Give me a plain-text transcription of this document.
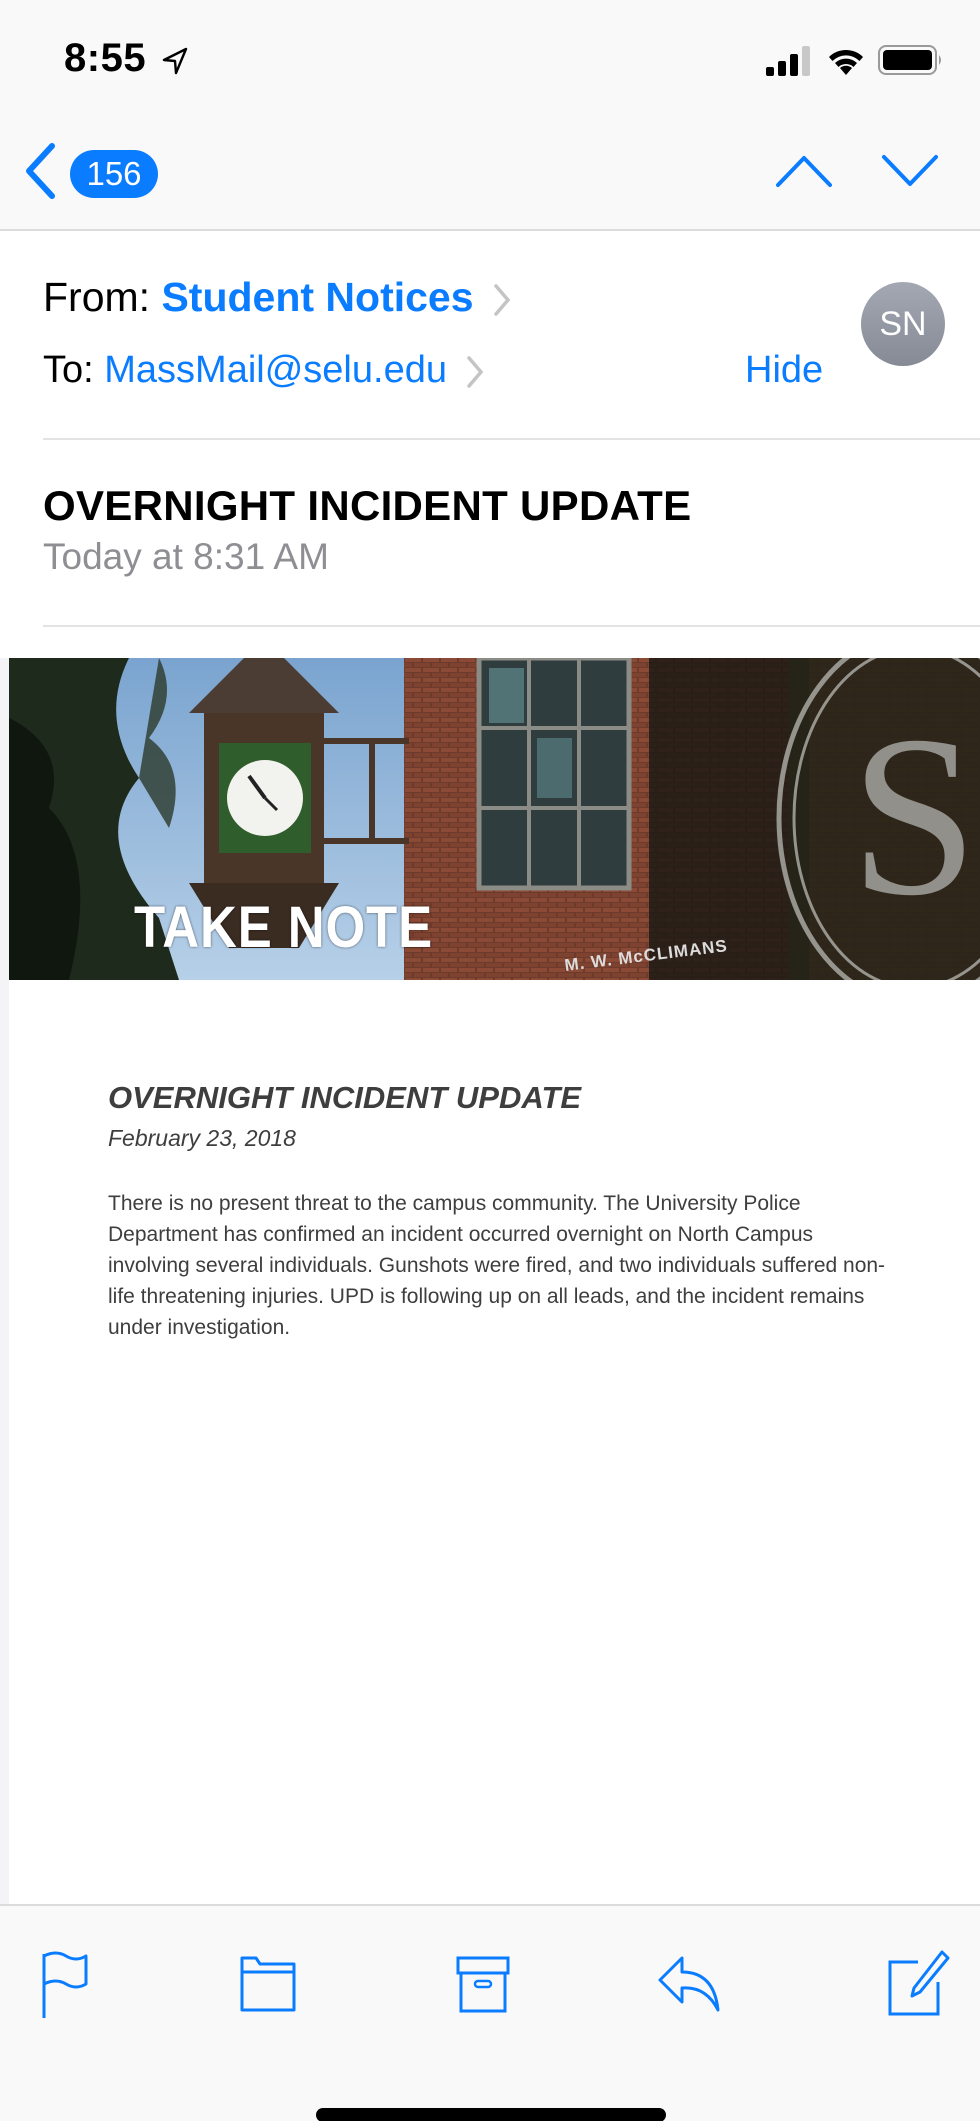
8:55
156
From: Student Notices
To: MassMail@selu.edu	Hide
SN
OVERNIGHT INCIDENT UPDATE
Today at 8:31 AM
S
TAKE NOTE	M. W. McCLIMANS
OVERNIGHT INCIDENT UPDATE
February 23, 2018

There is no present threat to the campus community. The University Police Department has confirmed an incident occurred overnight on North Campus involving several individuals. Gunshots were fired, and two individuals suffered non-life threatening injuries. UPD is following up on all leads, and the incident remains under investigation.
